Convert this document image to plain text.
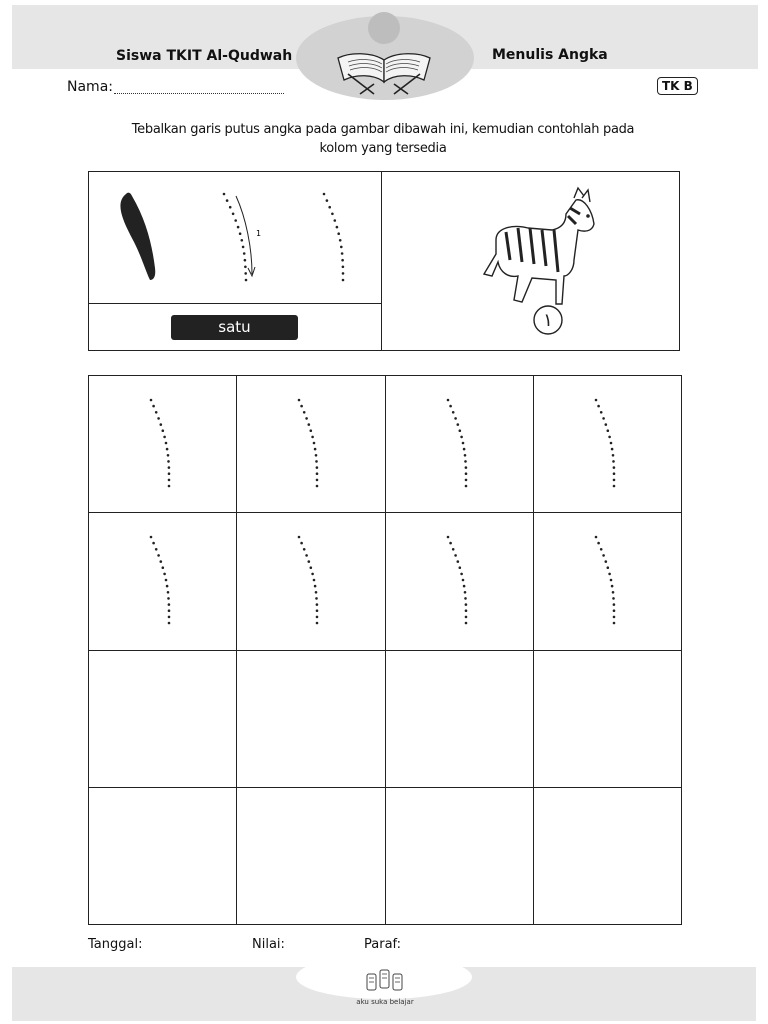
Siswa TKIT Al-Qudwah	Menulis Angka
Nama:	TK B
Tebalkan garis putus angka pada gambar dibawah ini, kemudian contohlah pada kolom yang tersedia
1
satu	١

Tanggal:	Nilai:	Paraf:
aku suka belajar
